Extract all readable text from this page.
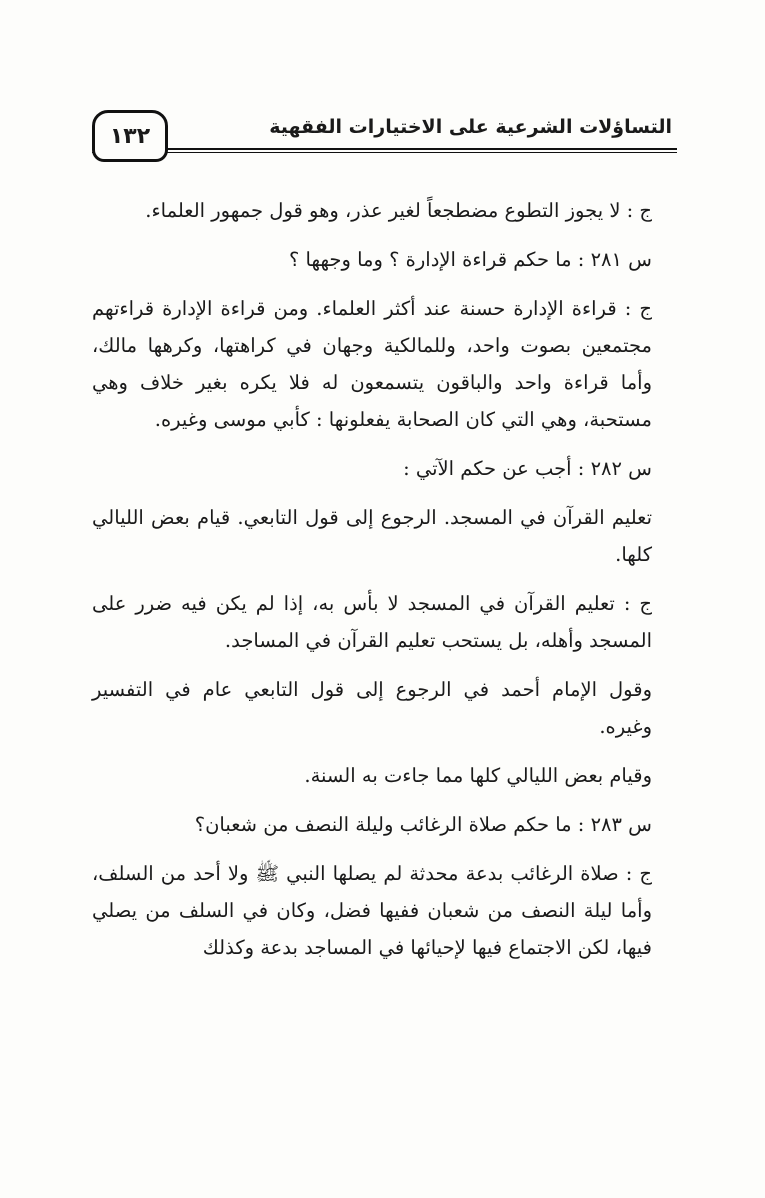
التساؤلات الشرعية على الاختيارات الفقهية
١٣٢

ج : لا يجوز التطوع مضطجعاً لغير عذر، وهو قول جمهور العلماء.

س ٢٨١ : ما حكم قراءة الإدارة ؟ وما وجهها ؟

ج : قراءة الإدارة حسنة عند أكثر العلماء. ومن قراءة الإدارة قراءتهم مجتمعين بصوت واحد، وللمالكية وجهان في كراهتها، وكرهها مالك، وأما قراءة واحد والباقون يتسمعون له فلا يكره بغير خلاف وهي مستحبة، وهي التي كان الصحابة يفعلونها : كأبي موسى وغيره.

س ٢٨٢ : أجب عن حكم الآتي :

تعليم القرآن في المسجد. الرجوع إلى قول التابعي. قيام بعض الليالي كلها.

ج : تعليم القرآن في المسجد لا بأس به، إذا لم يكن فيه ضرر على المسجد وأهله، بل يستحب تعليم القرآن في المساجد.

وقول الإمام أحمد في الرجوع إلى قول التابعي عام في التفسير وغيره.

وقيام بعض الليالي كلها مما جاءت به السنة.

س ٢٨٣ : ما حكم صلاة الرغائب وليلة النصف من شعبان؟

ج : صلاة الرغائب بدعة محدثة لم يصلها النبي ﷺ ولا أحد من السلف، وأما ليلة النصف من شعبان ففيها فضل، وكان في السلف من يصلي فيها، لكن الاجتماع فيها لإحيائها في المساجد بدعة وكذلك
